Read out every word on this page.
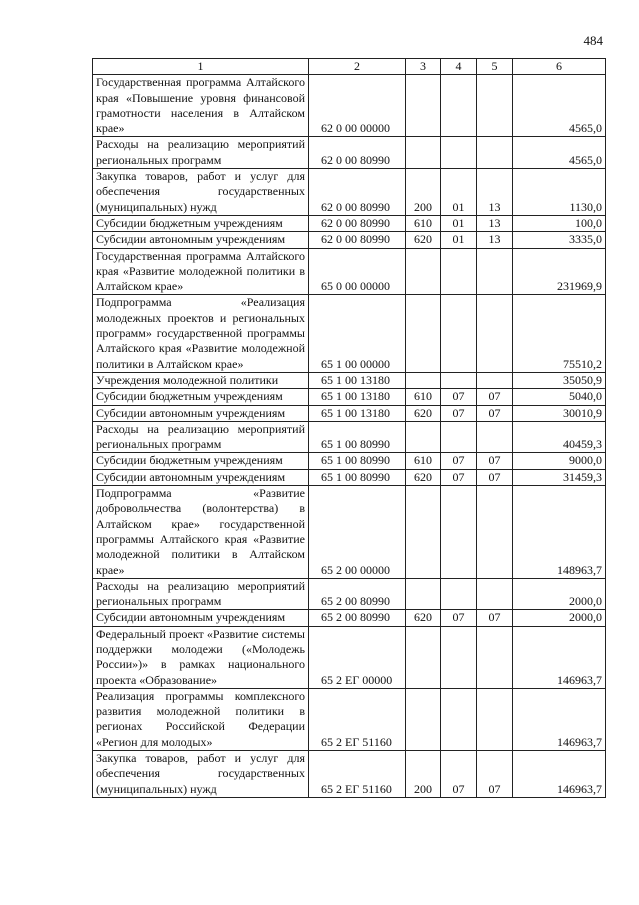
484
1	2	3	4	5	6
Государственная программа Алтайского края «Повышение уровня финансовой грамотности населения в Алтайском крае»	62 0 00 00000				4565,0
Расходы на реализацию мероприятий региональных программ	62 0 00 80990				4565,0
Закупка товаров, работ и услуг для обеспечения государственных (муниципальных) нужд	62 0 00 80990	200	01	13	1130,0
Субсидии бюджетным учреждениям	62 0 00 80990	610	01	13	100,0
Субсидии автономным учреждениям	62 0 00 80990	620	01	13	3335,0
Государственная программа Алтайского края «Развитие молодежной политики в Алтайском крае»	65 0 00 00000				231969,9
Подпрограмма «Реализация молодежных проектов и региональных программ» государственной программы Алтайского края «Развитие молодежной политики в Алтайском крае»	65 1 00 00000				75510,2
Учреждения молодежной политики	65 1 00 13180				35050,9
Субсидии бюджетным учреждениям	65 1 00 13180	610	07	07	5040,0
Субсидии автономным учреждениям	65 1 00 13180	620	07	07	30010,9
Расходы на реализацию мероприятий региональных программ	65 1 00 80990				40459,3
Субсидии бюджетным учреждениям	65 1 00 80990	610	07	07	9000,0
Субсидии автономным учреждениям	65 1 00 80990	620	07	07	31459,3
Подпрограмма «Развитие добровольчества (волонтерства) в Алтайском крае» государственной программы Алтайского края «Развитие молодежной политики в Алтайском крае»	65 2 00 00000				148963,7
Расходы на реализацию мероприятий региональных программ	65 2 00 80990				2000,0
Субсидии автономным учреждениям	65 2 00 80990	620	07	07	2000,0
Федеральный проект «Развитие системы поддержки молодежи («Молодежь России»)» в рамках национального проекта «Образование»	65 2 ЕГ 00000				146963,7
Реализация программы комплексного развития молодежной политики в регионах Российской Федерации «Регион для молодых»	65 2 ЕГ 51160				146963,7
Закупка товаров, работ и услуг для обеспечения государственных (муниципальных) нужд	65 2 ЕГ 51160	200	07	07	146963,7
